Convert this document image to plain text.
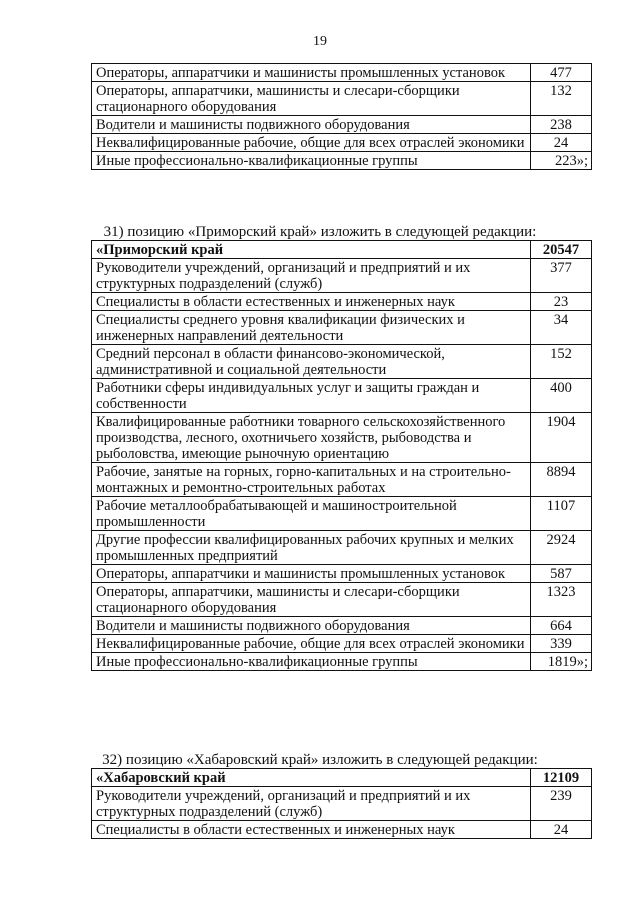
19
Операторы, аппаратчики и машинисты промышленных установок	477
Операторы, аппаратчики, машинисты и слесари-сборщики стационарного оборудования	132
Водители и машинисты подвижного оборудования	238
Неквалифицированные рабочие, общие для всех отраслей экономики	24
Иные профессионально-квалификационные группы	223»;
31) позицию «Приморский край» изложить в следующей редакции:
«Приморский край	20547
Руководители учреждений, организаций и предприятий и их структурных подразделений (служб)	377
Специалисты в области естественных и инженерных наук	23
Специалисты среднего уровня квалификации физических и инженерных направлений деятельности	34
Средний персонал в области финансово-экономической, административной и социальной деятельности	152
Работники сферы индивидуальных услуг и защиты граждан и собственности	400
Квалифицированные работники товарного сельскохозяйственного производства, лесного, охотничьего хозяйств, рыбоводства и рыболовства, имеющие рыночную ориентацию	1904
Рабочие, занятые на горных, горно-капитальных и на строительно-монтажных и ремонтно-строительных работах	8894
Рабочие металлообрабатывающей и машиностроительной промышленности	1107
Другие профессии квалифицированных рабочих крупных и мелких промышленных предприятий	2924
Операторы, аппаратчики и машинисты промышленных установок	587
Операторы, аппаратчики, машинисты и слесари-сборщики стационарного оборудования	1323
Водители и машинисты подвижного оборудования	664
Неквалифицированные рабочие, общие для всех отраслей экономики	339
Иные профессионально-квалификационные группы	1819»;
32) позицию «Хабаровский край» изложить в следующей редакции:
«Хабаровский край	12109
Руководители учреждений, организаций и предприятий и их структурных подразделений (служб)	239
Специалисты в области естественных и инженерных наук	24
